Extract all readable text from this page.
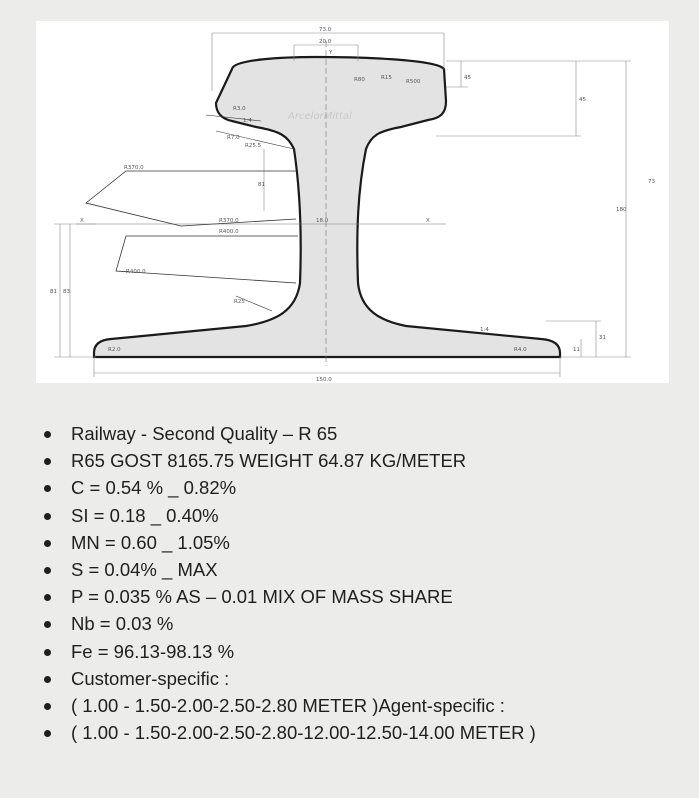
ArcelorMittal
73.0
20.0
Y
R500
R80	R15	45
45
180
73
R3.0
1:4
R7.0
R25.5
R370.0
81
X	X
R370.0
R400.0
18.0
R400.0
R25
81 83
1:4
R2.0	R4.0	11
31
150.0
Railway - Second Quality – R 65
R65 GOST 8165.75 WEIGHT 64.87 KG/METER
C = 0.54 % _ 0.82%
SI = 0.18 _ 0.40%
MN = 0.60 _ 1.05%
S = 0.04% _ MAX
P = 0.035 % AS – 0.01 MIX OF MASS SHARE
Nb = 0.03 %
Fe = 96.13-98.13 %
Customer-specific :
( 1.00 - 1.50-2.00-2.50-2.80 METER )Agent-specific :
( 1.00 - 1.50-2.00-2.50-2.80-12.00-12.50-14.00 METER )
